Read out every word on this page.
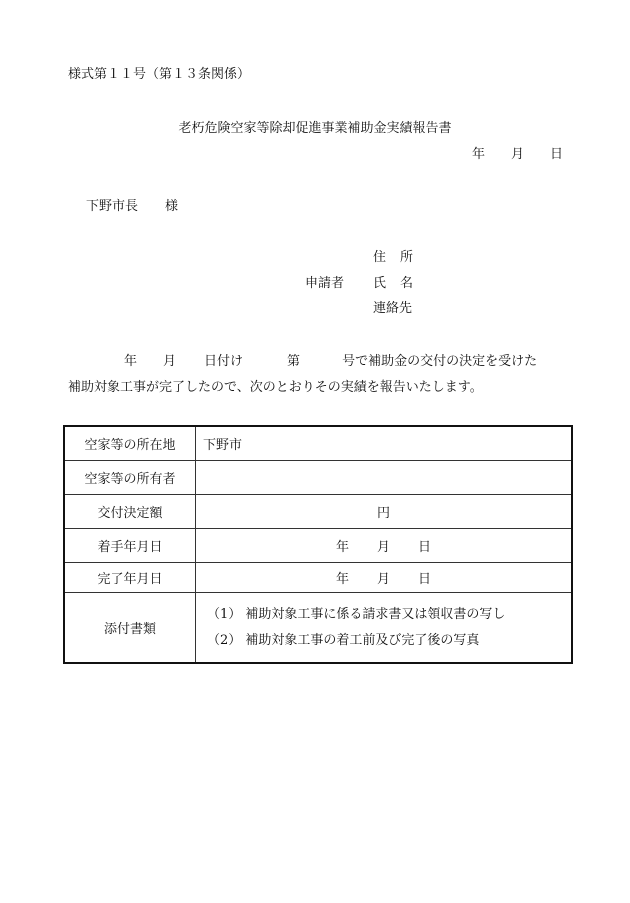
様式第１１号（第１３条関係）
老朽危険空家等除却促進事業補助金実績報告書
年 月 日
下野市長 様
申請者
住 所
氏 名
連絡先
年 月 日付け	第	号で補助金の交付の決定を受けた
補助対象工事が完了したので、次のとおりその実績を報告いたします。
空家等の所在地	下野市
空家等の所有者	
交付決定額	円
着手年月日	年 月 日
完了年月日	年 月 日
添付書類	（1） 補助対象工事に係る請求書又は領収書の写し
（2） 補助対象工事の着工前及び完了後の写真
